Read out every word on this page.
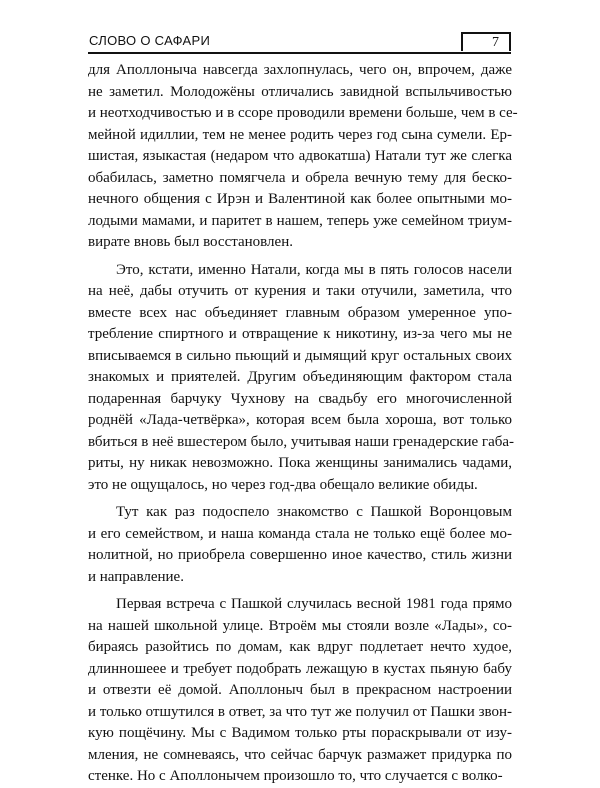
СЛОВО О САФАРИ	7

для Аполлоныча навсегда захлопнулась, чего он, впрочем, даже
не заметил. Молодожёны отличались завидной вспыльчивостью
и неотходчивостью и в ссоре проводили времени больше, чем в се-
мейной идиллии, тем не менее родить через год сына сумели. Ер-
шистая, языкастая (недаром что адвокатша) Натали тут же слегка
обабилась, заметно помягчела и обрела вечную тему для беско-
нечного общения с Ирэн и Валентиной как более опытными мо-
лодыми мамами, и паритет в нашем, теперь уже семейном триум-
вирате вновь был восстановлен.

Это, кстати, именно Натали, когда мы в пять голосов насели
на неё, дабы отучить от курения и таки отучили, заметила, что
вместе всех нас объединяет главным образом умеренное упо-
требление спиртного и отвращение к никотину, из-за чего мы не
вписываемся в сильно пьющий и дымящий круг остальных своих
знакомых и приятелей. Другим объединяющим фактором стала
подаренная барчуку Чухнову на свадьбу его многочисленной
роднёй «Лада-четвёрка», которая всем была хороша, вот только
вбиться в неё вшестером было, учитывая наши гренадерские габа-
риты, ну никак невозможно. Пока женщины занимались чадами,
это не ощущалось, но через год-два обещало великие обиды.

Тут как раз подоспело знакомство с Пашкой Воронцовым
и его семейством, и наша команда стала не только ещё более мо-
нолитной, но приобрела совершенно иное качество, стиль жизни
и направление.

Первая встреча с Пашкой случилась весной 1981 года прямо
на нашей школьной улице. Втроём мы стояли возле «Лады», со-
бираясь разойтись по домам, как вдруг подлетает нечто худое,
длинношеее и требует подобрать лежащую в кустах пьяную бабу
и отвезти её домой. Аполлоныч был в прекрасном настроении
и только отшутился в ответ, за что тут же получил от Пашки звон-
кую пощёчину. Мы с Вадимом только рты пораскрывали от изу-
мления, не сомневаясь, что сейчас барчук размажет придурка по
стенке. Но с Аполлонычем произошло то, что случается с волко-
